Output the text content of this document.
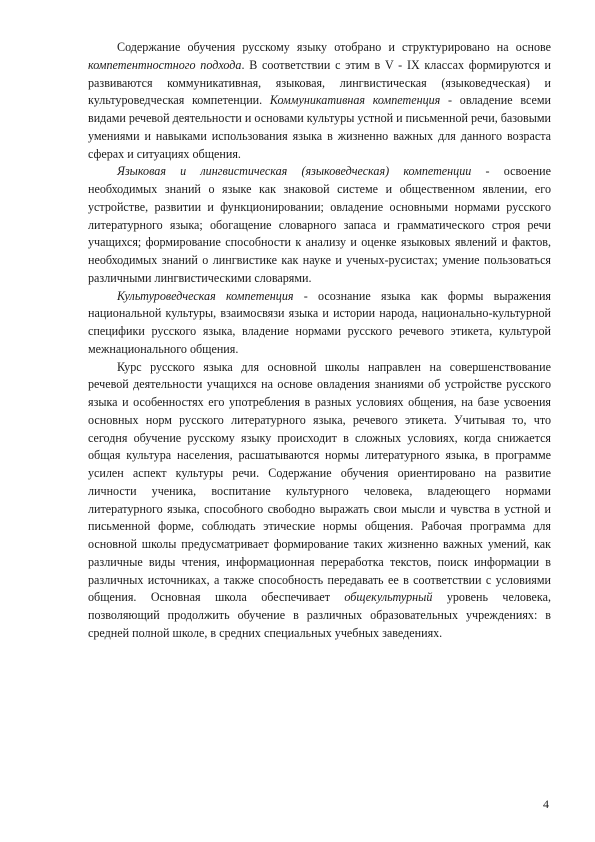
Содержание обучения русскому языку отобрано и структурировано на основе компетентностного подхода. В соответствии с этим в V - IX классах формируются и развиваются коммуникативная, языковая, лингвистическая (языковедческая) и культуроведческая компетенции. Коммуникативная компетенция - овладение всеми видами речевой деятельности и основами культуры устной и письменной речи, базовыми умениями и навыками использования языка в жизненно важных для данного возраста сферах и ситуациях общения.

Языковая и лингвистическая (языковедческая) компетенции - освоение необходимых знаний о языке как знаковой системе и общественном явлении, его устройстве, развитии и функционировании; овладение основными нормами русского литературного языка; обогащение словарного запаса и грамматического строя речи учащихся; формирование способности к анализу и оценке языковых явлений и фактов, необходимых знаний о лингвистике как науке и ученых-русистах; умение пользоваться различными лингвистическими словарями.

Культуроведческая компетенция - осознание языка как формы выражения национальной культуры, взаимосвязи языка и истории народа, национально-культурной специфики русского языка, владение нормами русского речевого этикета, культурой межнационального общения.

Курс русского языка для основной школы направлен на совершенствование речевой деятельности учащихся на основе овладения знаниями об устройстве русского языка и особенностях его употребления в разных условиях общения, на базе усвоения основных норм русского литературного языка, речевого этикета. Учитывая то, что сегодня обучение русскому языку происходит в сложных условиях, когда снижается общая культура населения, расшатываются нормы литературного языка, в программе усилен аспект культуры речи. Содержание обучения ориентировано на развитие личности ученика, воспитание культурного человека, владеющего нормами литературного языка, способного свободно выражать свои мысли и чувства в устной и письменной форме, соблюдать этические нормы общения. Рабочая программа для основной школы предусматривает формирование таких жизненно важных умений, как различные виды чтения, информационная переработка текстов, поиск информации в различных источниках, а также способность передавать ее в соответствии с условиями общения. Основная школа обеспечивает общекультурный уровень человека, позволяющий продолжить обучение в различных образовательных учреждениях: в средней полной школе, в средних специальных учебных заведениях.

4
